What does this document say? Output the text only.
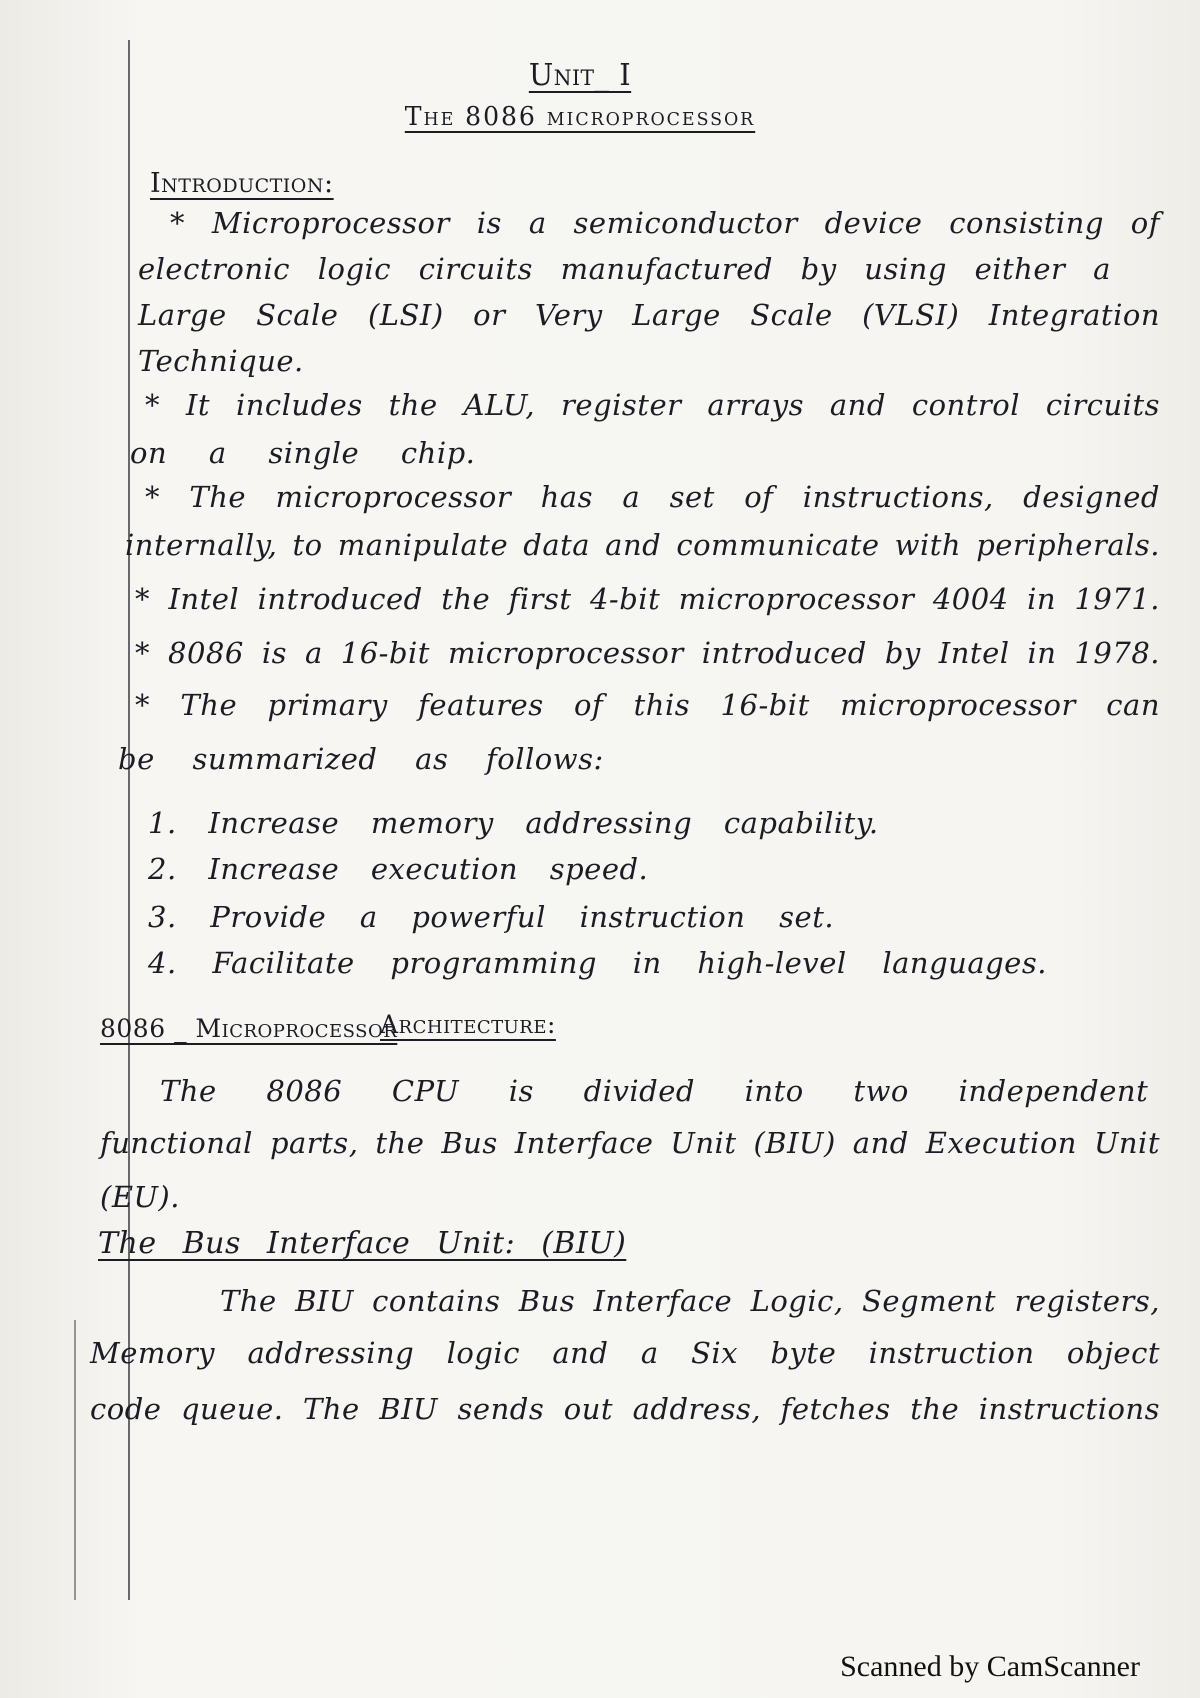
Unit_ I
The 8086 microprocessor
Introduction:
* Microprocessor is a semiconductor device consisting of
electronic logic circuits manufactured by using either a
Large Scale (LSI) or Very Large Scale (VLSI) Integration
Technique.
* It includes the ALU, register arrays and control circuits
on a single chip.
* The microprocessor has a set of instructions, designed
internally, to manipulate data and communicate with peripherals.
* Intel introduced the first 4-bit microprocessor 4004 in 1971.
* 8086 is a 16-bit microprocessor introduced by Intel in 1978.
* The primary features of this 16-bit microprocessor can
be summarized as follows:
1. Increase memory addressing capability.
2. Increase execution speed.
3. Provide a powerful instruction set.
4. Facilitate programming in high-level languages.
8086 _ Microprocessor
Architecture:
The 8086 CPU is divided into two independent
functional parts, the Bus Interface Unit (BIU) and Execution Unit
(EU).
The Bus Interface Unit: (BIU)
The BIU contains Bus Interface Logic, Segment registers,
Memory addressing logic and a Six byte instruction object
code queue. The BIU sends out address, fetches the instructions
Scanned by CamScanner
